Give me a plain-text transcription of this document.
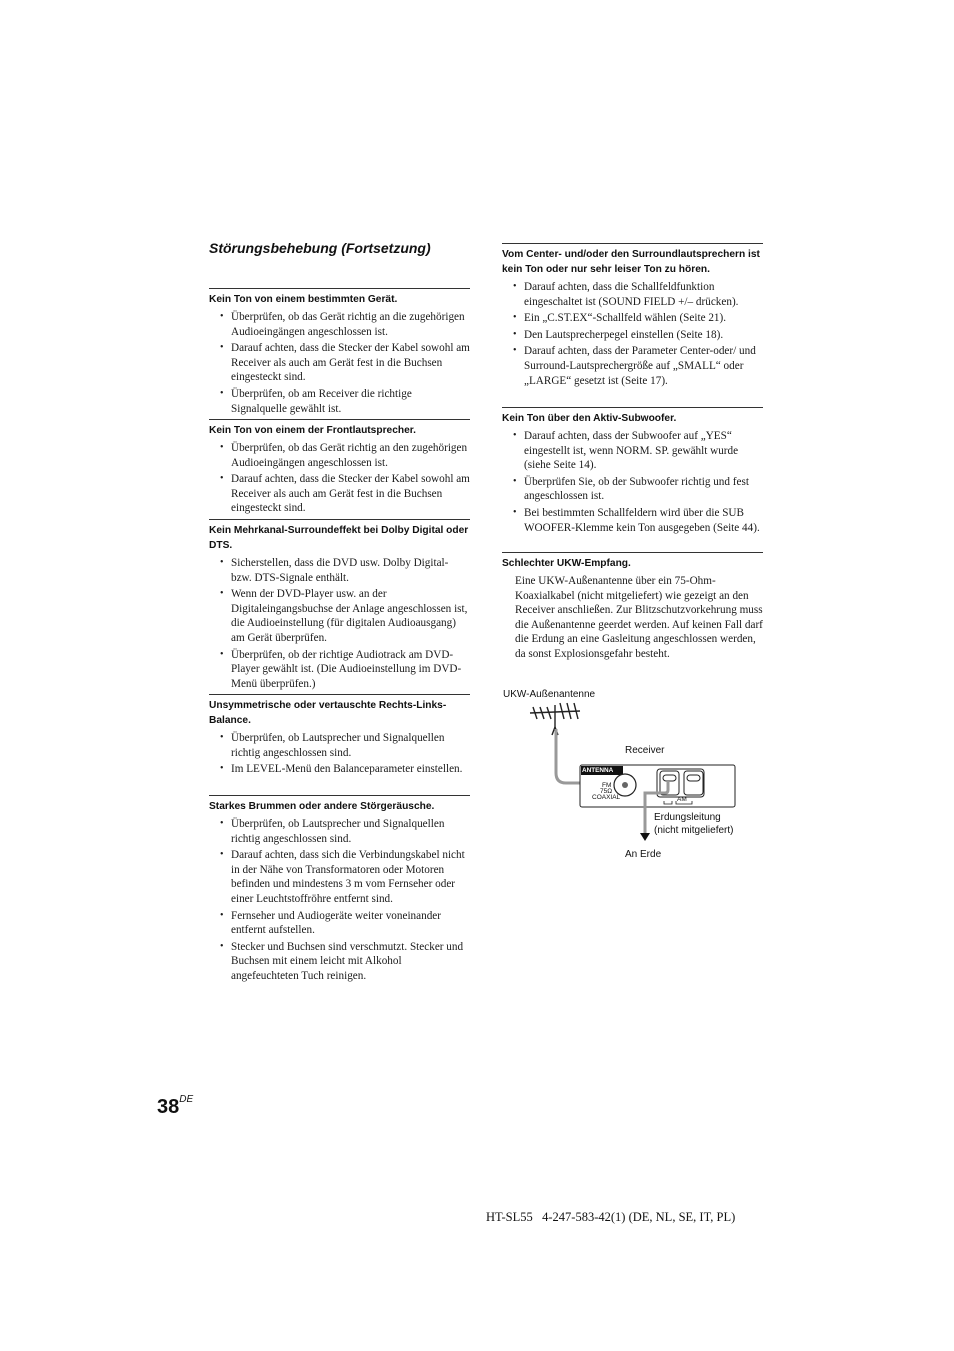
Störungsbehebung (Fortsetzung)
Kein Ton von einem bestimmten Gerät.
• Überprüfen, ob das Gerät richtig an die zugehörigen Audioeingängen angeschlossen ist.
• Darauf achten, dass die Stecker der Kabel sowohl am Receiver als auch am Gerät fest in die Buchsen eingesteckt sind.
• Überprüfen, ob am Receiver die richtige Signalquelle gewählt ist.
Kein Ton von einem der Frontlautsprecher.
• Überprüfen, ob das Gerät richtig an den zugehörigen Audioeingängen angeschlossen ist.
• Darauf achten, dass die Stecker der Kabel sowohl am Receiver als auch am Gerät fest in die Buchsen eingesteckt sind.
Kein Mehrkanal-Surroundeffekt bei Dolby Digital oder DTS.
• Sicherstellen, dass die DVD usw. Dolby Digital- bzw. DTS-Signale enthält.
• Wenn der DVD-Player usw. an der Digitaleingangsbuchse der Anlage angeschlossen ist, die Audioeinstellung (für digitalen Audioausgang) am Gerät überprüfen.
• Überprüfen, ob der richtige Audiotrack am DVD-Player gewählt ist. (Die Audioeinstellung im DVD-Menü überprüfen.)
Unsymmetrische oder vertauschte Rechts-Links-Balance.
• Überprüfen, ob Lautsprecher und Signalquellen richtig angeschlossen sind.
• Im LEVEL-Menü den Balanceparameter einstellen.
Starkes Brummen oder andere Störgeräusche.
• Überprüfen, ob Lautsprecher und Signalquellen richtig angeschlossen sind.
• Darauf achten, dass sich die Verbindungskabel nicht in der Nähe von Transformatoren oder Motoren befinden und mindestens 3 m vom Fernseher oder einer Leuchtstoffröhre entfernt sind.
• Fernseher und Audiogeräte weiter voneinander entfernt aufstellen.
• Stecker und Buchsen sind verschmutzt. Stecker und Buchsen mit einem leicht mit Alkohol angefeuchteten Tuch reinigen.
Vom Center- und/oder den Surroundlautsprechern ist kein Ton oder nur sehr leiser Ton zu hören.
• Darauf achten, dass die Schallfeldfunktion eingeschaltet ist (SOUND FIELD +/– drücken).
• Ein „C.ST.EX“-Schallfeld wählen (Seite 21).
• Den Lautsprecherpegel einstellen (Seite 18).
• Darauf achten, dass der Parameter Center-oder/ und Surround-Lautsprechergröße auf „SMALL“ oder „LARGE“ gesetzt ist (Seite 17).
Kein Ton über den Aktiv-Subwoofer.
• Darauf achten, dass der Subwoofer auf „YES“ eingestellt ist, wenn NORM. SP. gewählt wurde (siehe Seite 14).
• Überprüfen Sie, ob der Subwoofer richtig und fest angeschlossen ist.
• Bei bestimmten Schallfeldern wird über die SUB WOOFER-Klemme kein Ton ausgegeben (Seite 44).
Schlechter UKW-Empfang.

Eine UKW-Außenantenne über ein 75-Ohm-Koaxialkabel (nicht mitgeliefert) wie gezeigt an den Receiver anschließen. Zur Blitzschutzvorkehrung muss die Außenantenne geerdet werden. Auf keinen Fall darf die Erdung an eine Gasleitung angeschlossen werden, da sonst Explosionsgefahr besteht.

UKW-Außenantenne
Receiver
ANTENNA
FM
75Ω
COAXIAL	AM
Erdungsleitung
(nicht mitgeliefert)
An Erde
38DE
HT-SL55   4-247-583-42(1) (DE, NL, SE, IT, PL)
